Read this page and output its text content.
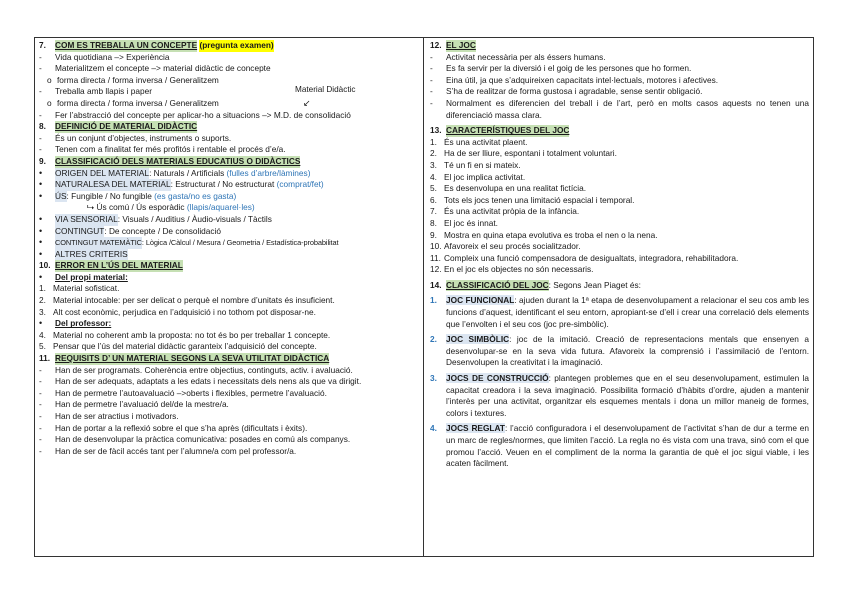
7.	COM ES TREBALLA UN CONCEPTE
(pregunta examen)
-	Vida quotidiana –> Experiència
-	Materialitzem el concepte –> material didàctic de concepte
o forma directa / forma inversa / Generalitzem
-	Treballa amb llapis i paper	Material Didàctic
o forma directa / forma inversa / Generalitzem	↙
-	Fer l’abstracció del concepte per aplicar-ho a situacions –> M.D. de consolidació
8.	DEFINICIÓ DE MATERIAL DIDÀCTIC
-	És un conjunt d’objectes, instruments o suports.
-	Tenen com a finalitat fer més profitós i rentable el procés d’e/a.
9.	CLASSIFICACIÓ DELS MATERIALS EDUCATIUS O DIDÀCTICS
•	ORIGEN DEL MATERIAL : Naturals / Artificials
(fulles d’arbre/làmines)
•	NATURALESA DEL MATERIAL : Estructurat / No estructurat
(comprat/fet)
•	ÚS : Fungible / No fungible
(es gasta/no es gasta)
⮡
Ús comú / Ús esporàdic
(llapis/aquarel·les)
•	VIA SENSORIAL : Visuals / Auditius / Àudio-visuals / Tàctils
•	CONTINGUT : De concepte / De consolidació
•	CONTINGUT MATEMÀTIC : Lògica /Càlcul / Mesura / Geometria / Estadística-probabilitat
•	ALTRES CRITERIS
10. ERROR EN L’ÚS DEL MATERIAL
•	Del propi material:
1. Material sofisticat.
2. Material intocable: per ser delicat o perquè el nombre d’unitats és insuficient.
3. Alt cost econòmic, perjudica en l’adquisició i no tothom pot disposar-ne.
•	Del professor:
4. Material no coherent amb la proposta: no tot és bo per treballar 1 concepte.
5. Pensar que l’ús del material didàctic garanteix l’adquisició del concepte.
11. REQUISITS D’ UN MATERIAL SEGONS LA SEVA UTILITAT DIDÀCTICA
-	Han de ser programats. Coherència entre objectius, continguts, activ. i avaluació.
-	Han de ser adequats, adaptats a les edats i necessitats dels nens als que va dirigit.
-	Han de permetre l’autoavaluació –>oberts i flexibles, permetre l’avaluació.
-	Han de permetre l’avaluació del/de la mestre/a.
-	Han de ser atractius i motivadors.
-	Han de portar a la reflexió sobre el que s’ha après (dificultats i èxits).
-	Han de desenvolupar la pràctica comunicativa: posades en comú als companys.
-	Han de ser de fàcil accés tant per l’alumne/a com pel professor/a.
12. EL JOC
-	Activitat necessària per als éssers humans.
-	Es fa servir per la diversió i el goig de les persones que ho formen.
-	Eina útil, ja que s’adquireixen capacitats intel·lectuals, motores i afectives.
-	S’ha de realitzar de forma gustosa i agradable, sense sentir obligació.
-	Normalment es diferencien del treball i de l’art, però en molts casos aquests no tenen una diferenciació massa clara.
13. CARACTERÍSTIQUES DEL JOC
1. És una activitat plaent.
2. Ha de ser lliure, espontani i totalment voluntari.
3. Té un fi en si mateix.
4. El joc implica activitat.
5. Es desenvolupa en una realitat fictícia.
6. Tots els jocs tenen una limitació espacial i temporal.
7. És una activitat pròpia de la infància.
8. El joc és innat.
9. Mostra en quina etapa evolutiva es troba el nen o la nena.
10. Afavoreix el seu procés socialitzador.
11. Compleix una funció compensadora de desigualtats, integradora, rehabilitadora.
12. En el joc els objectes no són necessaris.
14. CLASSIFICACIÓ DEL JOC : Segons Jean Piaget és:
1.	JOC FUNCIONAL: ajuden durant la 1ª etapa de desenvolupament a relacionar el seu cos amb les funcions d’aquest, identificant el seu entorn, apropiant-se d’ell i crear una correlació dels elements que l’envolten i el seu cos (joc pre-simbòlic).
2.	JOC SIMBÒLIC: joc de la imitació. Creació de representacions mentals que ensenyen a desenvolupar-se en la seva vida futura. Afavoreix la comprensió i l’assimilació de l’entorn. Desenvolupen la creativitat i la imaginació.
3.	JOCS DE CONSTRUCCIÓ: plantegen problemes que en el seu desenvolupament, estimulen la capacitat creadora i la seva imaginació. Possibilita formació d’hàbits d’ordre, ajuden a mantenir l’interès per una activitat, organitzar els esquemes mentals i dona un millor maneig de formes, colors i textures.
4.	JOCS REGLAT: l’acció configuradora i el desenvolupament de l’activitat s’han de dur a terme en un marc de regles/normes, que limiten l’acció. La regla no és vista com una trava, sinó com el que promou l’acció. Veuen en el compliment de la norma la garantia de què el joc sigui viable, i les acaten fàcilment.
